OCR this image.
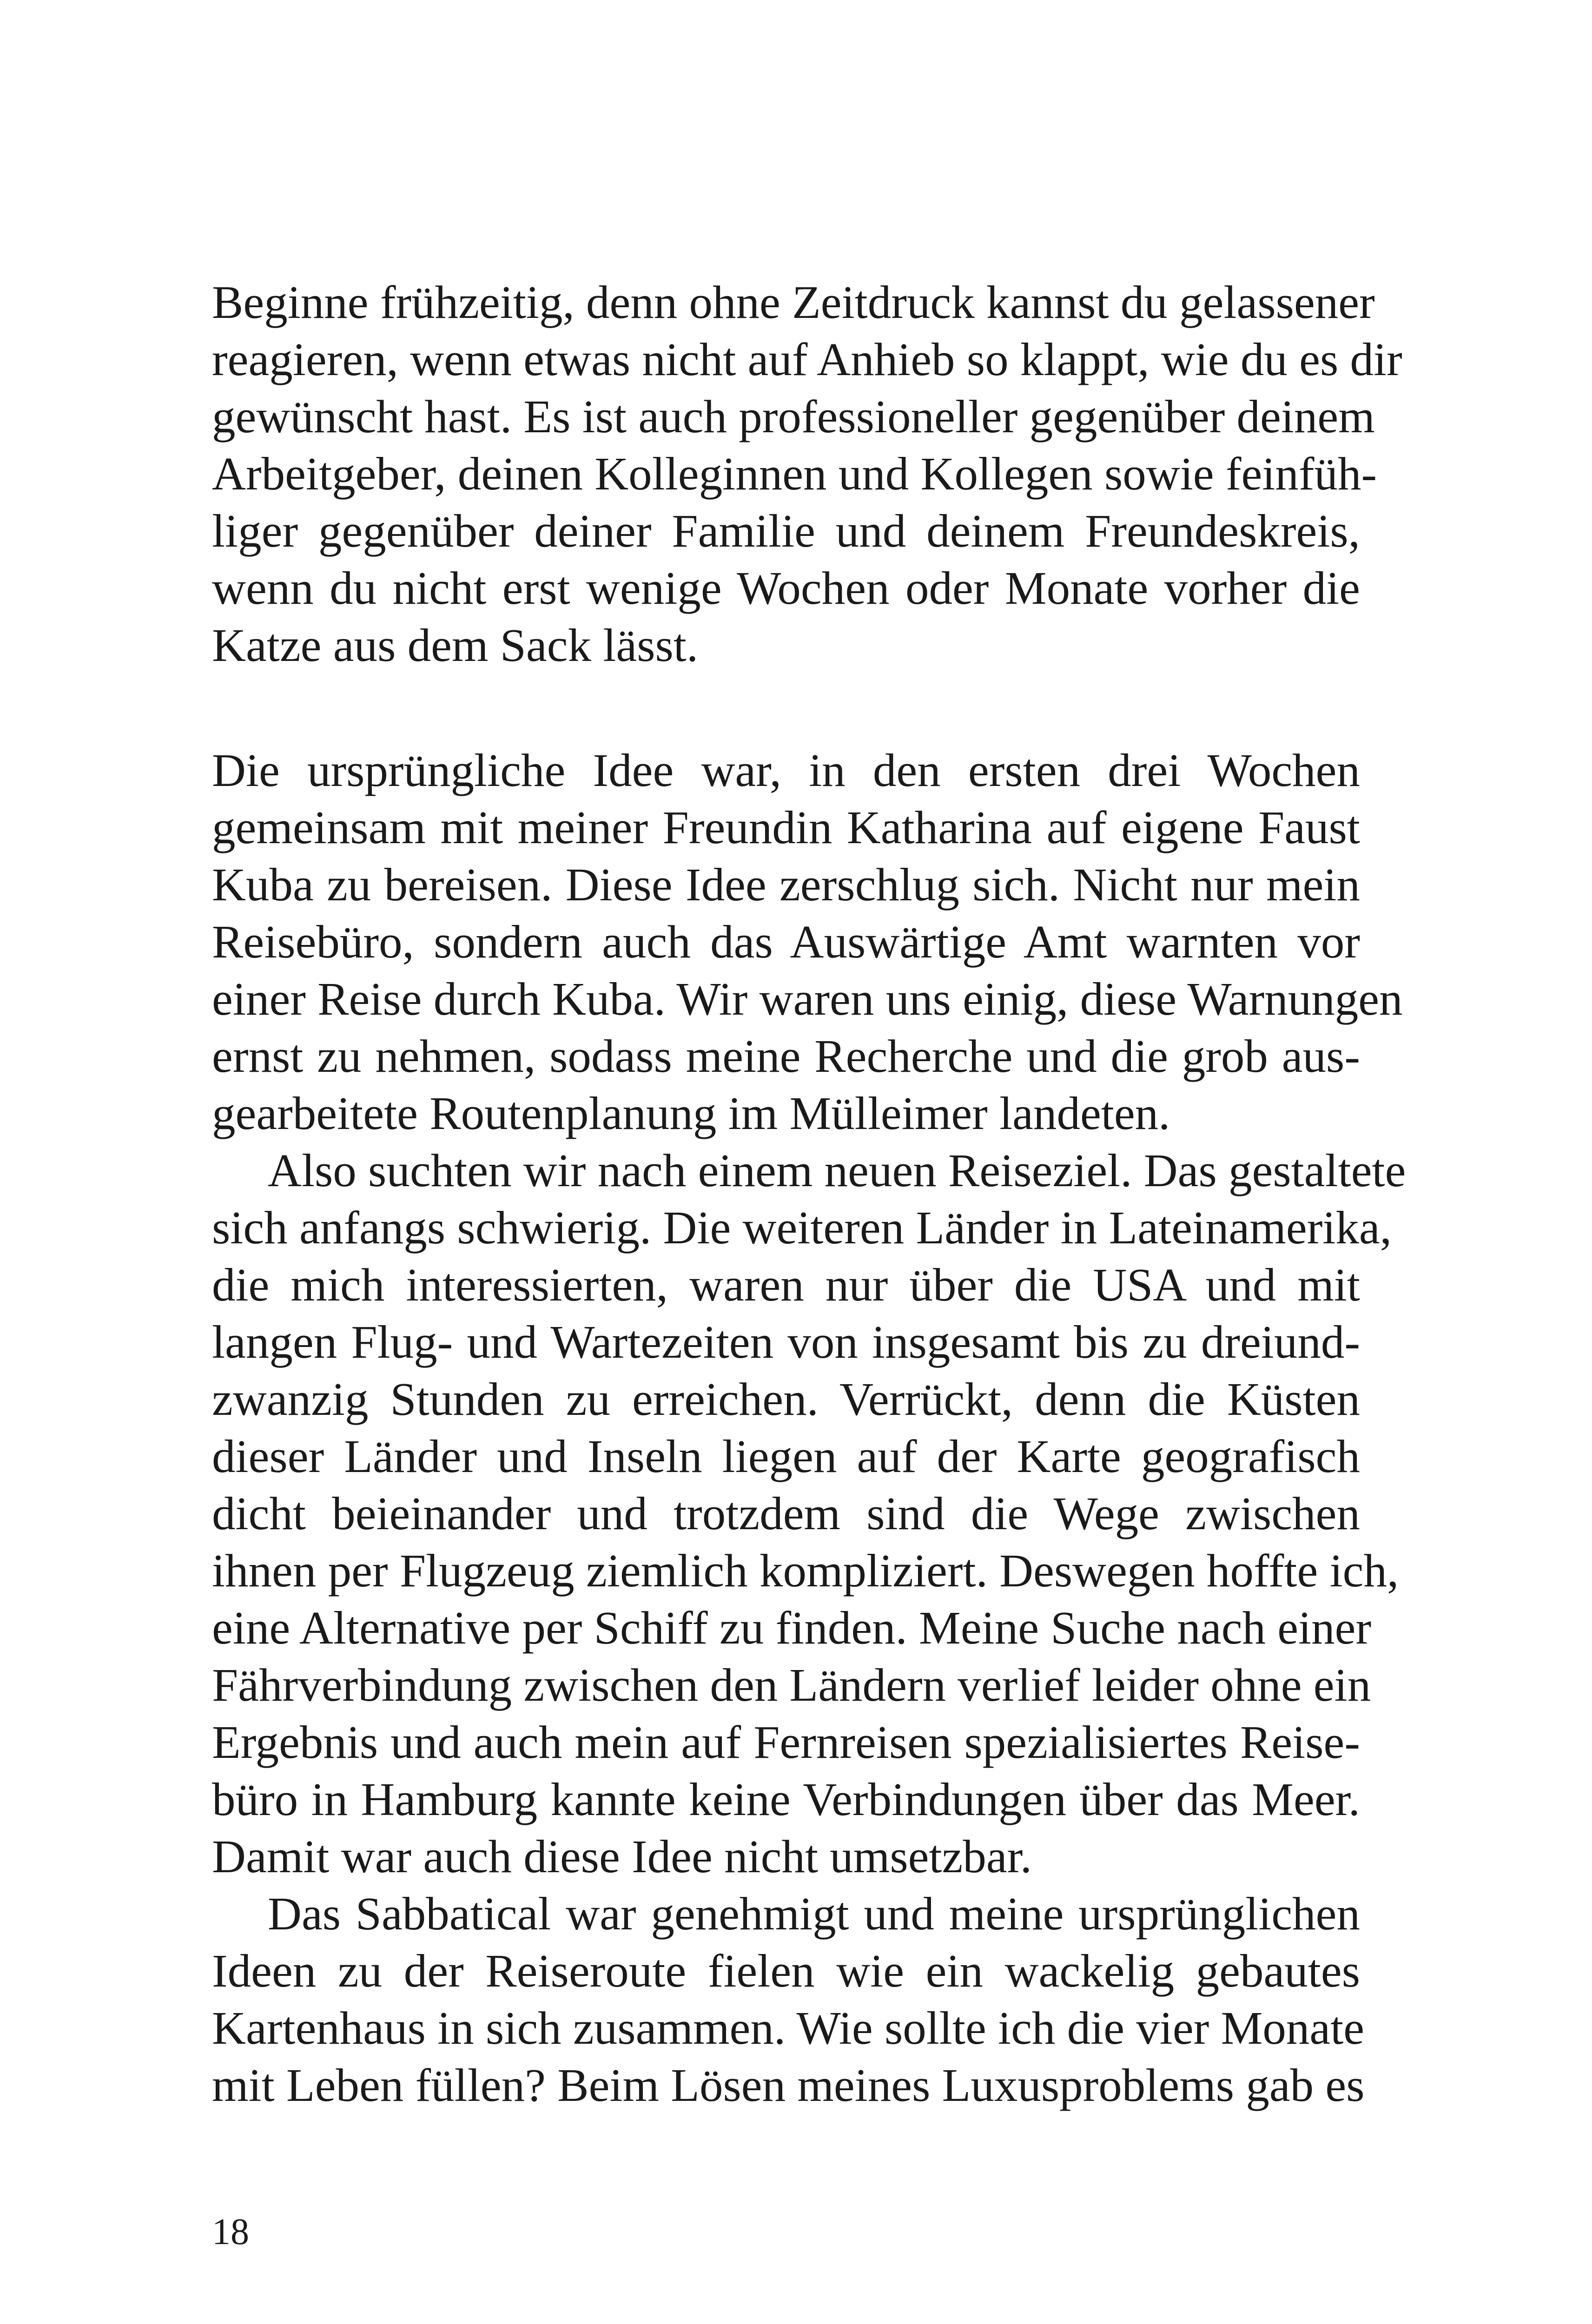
Beginne frühzeitig, denn ohne Zeitdruck kannst du gelassener
reagieren, wenn etwas nicht auf Anhieb so klappt, wie du es dir
gewünscht hast. Es ist auch professioneller gegenüber deinem
Arbeitgeber, deinen Kolleginnen und Kollegen sowie feinfüh-
liger gegenüber deiner Familie und deinem Freundeskreis,
wenn du nicht erst wenige Wochen oder Monate vorher die
Katze aus dem Sack lässt.
Die ursprüngliche Idee war, in den ersten drei Wochen
gemeinsam mit meiner Freundin Katharina auf eigene Faust
Kuba zu bereisen. Diese Idee zerschlug sich. Nicht nur mein
Reisebüro, sondern auch das Auswärtige Amt warnten vor
einer Reise durch Kuba. Wir waren uns einig, diese Warnungen
ernst zu nehmen, sodass meine Recherche und die grob aus-
gearbeitete Routenplanung im Mülleimer landeten.
Also suchten wir nach einem neuen Reiseziel. Das gestaltete
sich anfangs schwierig. Die weiteren Länder in Lateinamerika,
die mich interessierten, waren nur über die USA und mit
langen Flug- und Wartezeiten von insgesamt bis zu dreiund-
zwanzig Stunden zu erreichen. Verrückt, denn die Küsten
dieser Länder und Inseln liegen auf der Karte geografisch
dicht beieinander und trotzdem sind die Wege zwischen
ihnen per Flugzeug ziemlich kompliziert. Deswegen hoffte ich,
eine Alternative per Schiff zu finden. Meine Suche nach einer
Fährverbindung zwischen den Ländern verlief leider ohne ein
Ergebnis und auch mein auf Fernreisen spezialisiertes Reise-
büro in Hamburg kannte keine Verbindungen über das Meer.
Damit war auch diese Idee nicht umsetzbar.
Das Sabbatical war genehmigt und meine ursprünglichen
Ideen zu der Reiseroute fielen wie ein wackelig gebautes
Kartenhaus in sich zusammen. Wie sollte ich die vier Monate
mit Leben füllen? Beim Lösen meines Luxusproblems gab es
18
